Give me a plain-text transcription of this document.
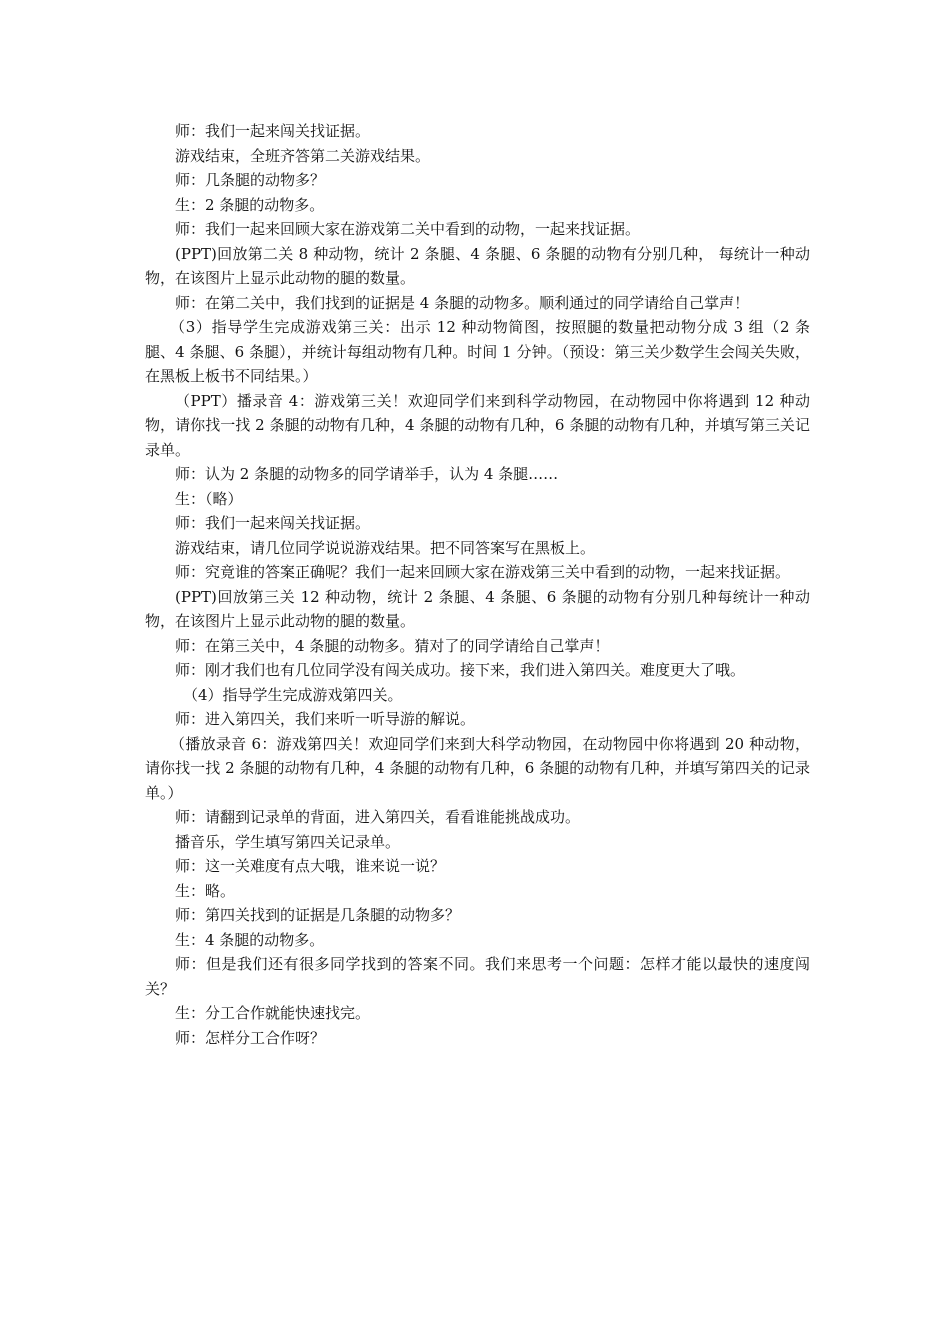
师：我们一起来闯关找证据。

游戏结束，全班齐答第二关游戏结果。

师：几条腿的动物多？

生：2 条腿的动物多。

师：我们一起来回顾大家在游戏第二关中看到的动物，一起来找证据。

(PPT)回放第二关 8 种动物，统计 2 条腿、4 条腿、6 条腿的动物有分别几种， 每统计一种动物，在该图片上显示此动物的腿的数量。

师：在第二关中，我们找到的证据是 4 条腿的动物多。顺利通过的同学请给自己掌声！

（3）指导学生完成游戏第三关：出示 12 种动物简图，按照腿的数量把动物分成 3 组（2 条腿、4 条腿、6 条腿），并统计每组动物有几种。时间 1 分钟。（预设：第三关少数学生会闯关失败，在黑板上板书不同结果。）

（PPT）播录音 4：游戏第三关！欢迎同学们来到科学动物园，在动物园中你将遇到 12 种动物，请你找一找 2 条腿的动物有几种，4 条腿的动物有几种，6 条腿的动物有几种，并填写第三关记录单。

师：认为 2 条腿的动物多的同学请举手，认为 4 条腿……

生：（略）

师：我们一起来闯关找证据。

游戏结束，请几位同学说说游戏结果。把不同答案写在黑板上。

师：究竟谁的答案正确呢？我们一起来回顾大家在游戏第三关中看到的动物，一起来找证据。

(PPT)回放第三关 12 种动物，统计 2 条腿、4 条腿、6 条腿的动物有分别几种每统计一种动物，在该图片上显示此动物的腿的数量。

师：在第三关中，4 条腿的动物多。猜对了的同学请给自己掌声！

师：刚才我们也有几位同学没有闯关成功。接下来，我们进入第四关。难度更大了哦。

（4）指导学生完成游戏第四关。

师：进入第四关，我们来听一听导游的解说。

（播放录音 6：游戏第四关！欢迎同学们来到大科学动物园，在动物园中你将遇到 20 种动物，请你找一找 2 条腿的动物有几种，4 条腿的动物有几种，6 条腿的动物有几种，并填写第四关的记录单。）

师：请翻到记录单的背面，进入第四关，看看谁能挑战成功。

播音乐，学生填写第四关记录单。

师：这一关难度有点大哦，谁来说一说？

生：略。

师：第四关找到的证据是几条腿的动物多？

生：4 条腿的动物多。

师：但是我们还有很多同学找到的答案不同。我们来思考一个问题：怎样才能以最快的速度闯关？

生：分工合作就能快速找完。

师：怎样分工合作呀？
